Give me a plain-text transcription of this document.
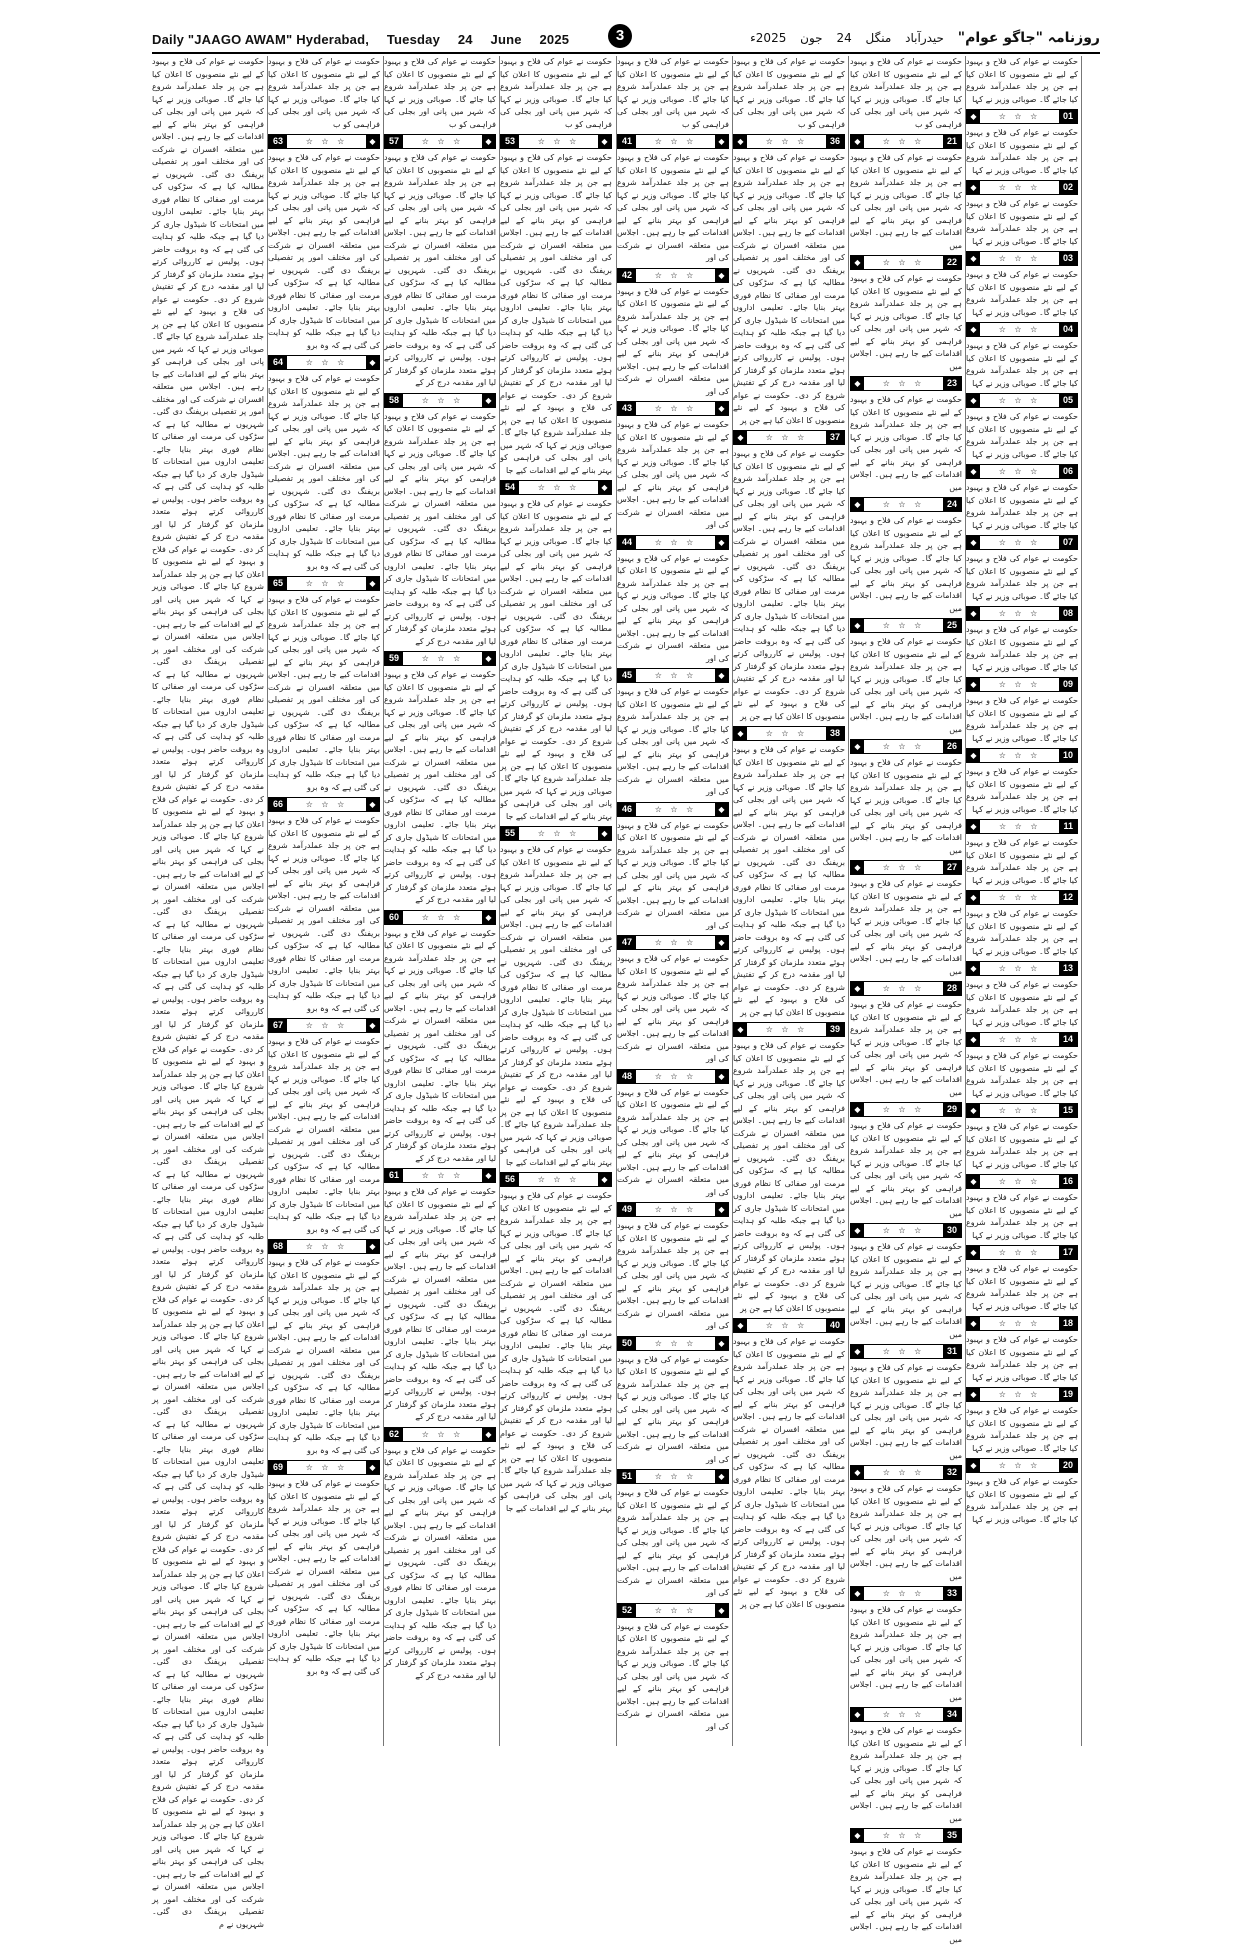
Daily "JAAGO AWAM" Hyderabad, Tuesday 24 June 2025	روزنامہ "جاگو عوام" حیدرآباد منگل 24 جون 2025ء
3
حکومت نے عوام کی فلاح و بہبود کے لیے نئے منصوبوں کا اعلان کیا ہے جن پر جلد عملدرآمد شروع کیا جائے گا۔ صوبائی وزیر نے کہا
01
☆ ☆ ☆
◆
حکومت نے عوام کی فلاح و بہبود کے لیے نئے منصوبوں کا اعلان کیا ہے جن پر جلد عملدرآمد شروع کیا جائے گا۔ صوبائی وزیر نے کہا
02
☆ ☆ ☆
◆
حکومت نے عوام کی فلاح و بہبود کے لیے نئے منصوبوں کا اعلان کیا ہے جن پر جلد عملدرآمد شروع کیا جائے گا۔ صوبائی وزیر نے کہا
03
☆ ☆ ☆
◆
حکومت نے عوام کی فلاح و بہبود کے لیے نئے منصوبوں کا اعلان کیا ہے جن پر جلد عملدرآمد شروع کیا جائے گا۔ صوبائی وزیر نے کہا
04
☆ ☆ ☆
◆
حکومت نے عوام کی فلاح و بہبود کے لیے نئے منصوبوں کا اعلان کیا ہے جن پر جلد عملدرآمد شروع کیا جائے گا۔ صوبائی وزیر نے کہا
05
☆ ☆ ☆
◆
حکومت نے عوام کی فلاح و بہبود کے لیے نئے منصوبوں کا اعلان کیا ہے جن پر جلد عملدرآمد شروع کیا جائے گا۔ صوبائی وزیر نے کہا
06
☆ ☆ ☆
◆
حکومت نے عوام کی فلاح و بہبود کے لیے نئے منصوبوں کا اعلان کیا ہے جن پر جلد عملدرآمد شروع کیا جائے گا۔ صوبائی وزیر نے کہا
07
☆ ☆ ☆
◆
حکومت نے عوام کی فلاح و بہبود کے لیے نئے منصوبوں کا اعلان کیا ہے جن پر جلد عملدرآمد شروع کیا جائے گا۔ صوبائی وزیر نے کہا
08
☆ ☆ ☆
◆
حکومت نے عوام کی فلاح و بہبود کے لیے نئے منصوبوں کا اعلان کیا ہے جن پر جلد عملدرآمد شروع کیا جائے گا۔ صوبائی وزیر نے کہا
09
☆ ☆ ☆
◆
حکومت نے عوام کی فلاح و بہبود کے لیے نئے منصوبوں کا اعلان کیا ہے جن پر جلد عملدرآمد شروع کیا جائے گا۔ صوبائی وزیر نے کہا
10
☆ ☆ ☆
◆
حکومت نے عوام کی فلاح و بہبود کے لیے نئے منصوبوں کا اعلان کیا ہے جن پر جلد عملدرآمد شروع کیا جائے گا۔ صوبائی وزیر نے کہا
11
☆ ☆ ☆
◆
حکومت نے عوام کی فلاح و بہبود کے لیے نئے منصوبوں کا اعلان کیا ہے جن پر جلد عملدرآمد شروع کیا جائے گا۔ صوبائی وزیر نے کہا
12
☆ ☆ ☆
◆
حکومت نے عوام کی فلاح و بہبود کے لیے نئے منصوبوں کا اعلان کیا ہے جن پر جلد عملدرآمد شروع کیا جائے گا۔ صوبائی وزیر نے کہا
13
☆ ☆ ☆
◆
حکومت نے عوام کی فلاح و بہبود کے لیے نئے منصوبوں کا اعلان کیا ہے جن پر جلد عملدرآمد شروع کیا جائے گا۔ صوبائی وزیر نے کہا
14
☆ ☆ ☆
◆
حکومت نے عوام کی فلاح و بہبود کے لیے نئے منصوبوں کا اعلان کیا ہے جن پر جلد عملدرآمد شروع کیا جائے گا۔ صوبائی وزیر نے کہا
15
☆ ☆ ☆
◆
حکومت نے عوام کی فلاح و بہبود کے لیے نئے منصوبوں کا اعلان کیا ہے جن پر جلد عملدرآمد شروع کیا جائے گا۔ صوبائی وزیر نے کہا
16
☆ ☆ ☆
◆
حکومت نے عوام کی فلاح و بہبود کے لیے نئے منصوبوں کا اعلان کیا ہے جن پر جلد عملدرآمد شروع کیا جائے گا۔ صوبائی وزیر نے کہا
17
☆ ☆ ☆
◆
حکومت نے عوام کی فلاح و بہبود کے لیے نئے منصوبوں کا اعلان کیا ہے جن پر جلد عملدرآمد شروع کیا جائے گا۔ صوبائی وزیر نے کہا
18
☆ ☆ ☆
◆
حکومت نے عوام کی فلاح و بہبود کے لیے نئے منصوبوں کا اعلان کیا ہے جن پر جلد عملدرآمد شروع کیا جائے گا۔ صوبائی وزیر نے کہا
19
☆ ☆ ☆
◆
حکومت نے عوام کی فلاح و بہبود کے لیے نئے منصوبوں کا اعلان کیا ہے جن پر جلد عملدرآمد شروع کیا جائے گا۔ صوبائی وزیر نے کہا
20
☆ ☆ ☆
◆
حکومت نے عوام کی فلاح و بہبود کے لیے نئے منصوبوں کا اعلان کیا ہے جن پر جلد عملدرآمد شروع کیا جائے گا۔ صوبائی وزیر نے کہا
حکومت نے عوام کی فلاح و بہبود کے لیے نئے منصوبوں کا اعلان کیا ہے جن پر جلد عملدرآمد شروع کیا جائے گا۔ صوبائی وزیر نے کہا کہ شہر میں پانی اور بجلی کی فراہمی کو ب
21
☆ ☆ ☆
◆
حکومت نے عوام کی فلاح و بہبود کے لیے نئے منصوبوں کا اعلان کیا ہے جن پر جلد عملدرآمد شروع کیا جائے گا۔ صوبائی وزیر نے کہا کہ شہر میں پانی اور بجلی کی فراہمی کو بہتر بنانے کے لیے اقدامات کیے جا رہے ہیں۔ اجلاس میں
22
☆ ☆ ☆
◆
حکومت نے عوام کی فلاح و بہبود کے لیے نئے منصوبوں کا اعلان کیا ہے جن پر جلد عملدرآمد شروع کیا جائے گا۔ صوبائی وزیر نے کہا کہ شہر میں پانی اور بجلی کی فراہمی کو بہتر بنانے کے لیے اقدامات کیے جا رہے ہیں۔ اجلاس میں
23
☆ ☆ ☆
◆
حکومت نے عوام کی فلاح و بہبود کے لیے نئے منصوبوں کا اعلان کیا ہے جن پر جلد عملدرآمد شروع کیا جائے گا۔ صوبائی وزیر نے کہا کہ شہر میں پانی اور بجلی کی فراہمی کو بہتر بنانے کے لیے اقدامات کیے جا رہے ہیں۔ اجلاس میں
24
☆ ☆ ☆
◆
حکومت نے عوام کی فلاح و بہبود کے لیے نئے منصوبوں کا اعلان کیا ہے جن پر جلد عملدرآمد شروع کیا جائے گا۔ صوبائی وزیر نے کہا کہ شہر میں پانی اور بجلی کی فراہمی کو بہتر بنانے کے لیے اقدامات کیے جا رہے ہیں۔ اجلاس میں
25
☆ ☆ ☆
◆
حکومت نے عوام کی فلاح و بہبود کے لیے نئے منصوبوں کا اعلان کیا ہے جن پر جلد عملدرآمد شروع کیا جائے گا۔ صوبائی وزیر نے کہا کہ شہر میں پانی اور بجلی کی فراہمی کو بہتر بنانے کے لیے اقدامات کیے جا رہے ہیں۔ اجلاس میں
26
☆ ☆ ☆
◆
حکومت نے عوام کی فلاح و بہبود کے لیے نئے منصوبوں کا اعلان کیا ہے جن پر جلد عملدرآمد شروع کیا جائے گا۔ صوبائی وزیر نے کہا کہ شہر میں پانی اور بجلی کی فراہمی کو بہتر بنانے کے لیے اقدامات کیے جا رہے ہیں۔ اجلاس میں
27
☆ ☆ ☆
◆
حکومت نے عوام کی فلاح و بہبود کے لیے نئے منصوبوں کا اعلان کیا ہے جن پر جلد عملدرآمد شروع کیا جائے گا۔ صوبائی وزیر نے کہا کہ شہر میں پانی اور بجلی کی فراہمی کو بہتر بنانے کے لیے اقدامات کیے جا رہے ہیں۔ اجلاس میں
28
☆ ☆ ☆
◆
حکومت نے عوام کی فلاح و بہبود کے لیے نئے منصوبوں کا اعلان کیا ہے جن پر جلد عملدرآمد شروع کیا جائے گا۔ صوبائی وزیر نے کہا کہ شہر میں پانی اور بجلی کی فراہمی کو بہتر بنانے کے لیے اقدامات کیے جا رہے ہیں۔ اجلاس میں
29
☆ ☆ ☆
◆
حکومت نے عوام کی فلاح و بہبود کے لیے نئے منصوبوں کا اعلان کیا ہے جن پر جلد عملدرآمد شروع کیا جائے گا۔ صوبائی وزیر نے کہا کہ شہر میں پانی اور بجلی کی فراہمی کو بہتر بنانے کے لیے اقدامات کیے جا رہے ہیں۔ اجلاس میں
30
☆ ☆ ☆
◆
حکومت نے عوام کی فلاح و بہبود کے لیے نئے منصوبوں کا اعلان کیا ہے جن پر جلد عملدرآمد شروع کیا جائے گا۔ صوبائی وزیر نے کہا کہ شہر میں پانی اور بجلی کی فراہمی کو بہتر بنانے کے لیے اقدامات کیے جا رہے ہیں۔ اجلاس میں
31
☆ ☆ ☆
◆
حکومت نے عوام کی فلاح و بہبود کے لیے نئے منصوبوں کا اعلان کیا ہے جن پر جلد عملدرآمد شروع کیا جائے گا۔ صوبائی وزیر نے کہا کہ شہر میں پانی اور بجلی کی فراہمی کو بہتر بنانے کے لیے اقدامات کیے جا رہے ہیں۔ اجلاس میں
32
☆ ☆ ☆
◆
حکومت نے عوام کی فلاح و بہبود کے لیے نئے منصوبوں کا اعلان کیا ہے جن پر جلد عملدرآمد شروع کیا جائے گا۔ صوبائی وزیر نے کہا کہ شہر میں پانی اور بجلی کی فراہمی کو بہتر بنانے کے لیے اقدامات کیے جا رہے ہیں۔ اجلاس میں
33
☆ ☆ ☆
◆
حکومت نے عوام کی فلاح و بہبود کے لیے نئے منصوبوں کا اعلان کیا ہے جن پر جلد عملدرآمد شروع کیا جائے گا۔ صوبائی وزیر نے کہا کہ شہر میں پانی اور بجلی کی فراہمی کو بہتر بنانے کے لیے اقدامات کیے جا رہے ہیں۔ اجلاس میں
34
☆ ☆ ☆
◆
حکومت نے عوام کی فلاح و بہبود کے لیے نئے منصوبوں کا اعلان کیا ہے جن پر جلد عملدرآمد شروع کیا جائے گا۔ صوبائی وزیر نے کہا کہ شہر میں پانی اور بجلی کی فراہمی کو بہتر بنانے کے لیے اقدامات کیے جا رہے ہیں۔ اجلاس میں
35
☆ ☆ ☆
◆
حکومت نے عوام کی فلاح و بہبود کے لیے نئے منصوبوں کا اعلان کیا ہے جن پر جلد عملدرآمد شروع کیا جائے گا۔ صوبائی وزیر نے کہا کہ شہر میں پانی اور بجلی کی فراہمی کو بہتر بنانے کے لیے اقدامات کیے جا رہے ہیں۔ اجلاس میں
حکومت نے عوام کی فلاح و بہبود کے لیے نئے منصوبوں کا اعلان کیا ہے جن پر جلد عملدرآمد شروع کیا جائے گا۔ صوبائی وزیر نے کہا کہ شہر میں پانی اور بجلی کی فراہمی کو ب
36
☆ ☆ ☆
◆
حکومت نے عوام کی فلاح و بہبود کے لیے نئے منصوبوں کا اعلان کیا ہے جن پر جلد عملدرآمد شروع کیا جائے گا۔ صوبائی وزیر نے کہا کہ شہر میں پانی اور بجلی کی فراہمی کو بہتر بنانے کے لیے اقدامات کیے جا رہے ہیں۔ اجلاس میں متعلقہ افسران نے شرکت کی اور مختلف امور پر تفصیلی بریفنگ دی گئی۔ شہریوں نے مطالبہ کیا ہے کہ سڑکوں کی مرمت اور صفائی کا نظام فوری بہتر بنایا جائے۔ تعلیمی اداروں میں امتحانات کا شیڈول جاری کر دیا گیا ہے جبکہ طلبہ کو ہدایت کی گئی ہے کہ وہ بروقت حاضر ہوں۔ پولیس نے کارروائی کرتے ہوئے متعدد ملزمان کو گرفتار کر لیا اور مقدمہ درج کر کے تفتیش شروع کر دی۔ حکومت نے عوام کی فلاح و بہبود کے لیے نئے منصوبوں کا اعلان کیا ہے جن پر
37
☆ ☆ ☆
◆
حکومت نے عوام کی فلاح و بہبود کے لیے نئے منصوبوں کا اعلان کیا ہے جن پر جلد عملدرآمد شروع کیا جائے گا۔ صوبائی وزیر نے کہا کہ شہر میں پانی اور بجلی کی فراہمی کو بہتر بنانے کے لیے اقدامات کیے جا رہے ہیں۔ اجلاس میں متعلقہ افسران نے شرکت کی اور مختلف امور پر تفصیلی بریفنگ دی گئی۔ شہریوں نے مطالبہ کیا ہے کہ سڑکوں کی مرمت اور صفائی کا نظام فوری بہتر بنایا جائے۔ تعلیمی اداروں میں امتحانات کا شیڈول جاری کر دیا گیا ہے جبکہ طلبہ کو ہدایت کی گئی ہے کہ وہ بروقت حاضر ہوں۔ پولیس نے کارروائی کرتے ہوئے متعدد ملزمان کو گرفتار کر لیا اور مقدمہ درج کر کے تفتیش شروع کر دی۔ حکومت نے عوام کی فلاح و بہبود کے لیے نئے منصوبوں کا اعلان کیا ہے جن پر
38
☆ ☆ ☆
◆
حکومت نے عوام کی فلاح و بہبود کے لیے نئے منصوبوں کا اعلان کیا ہے جن پر جلد عملدرآمد شروع کیا جائے گا۔ صوبائی وزیر نے کہا کہ شہر میں پانی اور بجلی کی فراہمی کو بہتر بنانے کے لیے اقدامات کیے جا رہے ہیں۔ اجلاس میں متعلقہ افسران نے شرکت کی اور مختلف امور پر تفصیلی بریفنگ دی گئی۔ شہریوں نے مطالبہ کیا ہے کہ سڑکوں کی مرمت اور صفائی کا نظام فوری بہتر بنایا جائے۔ تعلیمی اداروں میں امتحانات کا شیڈول جاری کر دیا گیا ہے جبکہ طلبہ کو ہدایت کی گئی ہے کہ وہ بروقت حاضر ہوں۔ پولیس نے کارروائی کرتے ہوئے متعدد ملزمان کو گرفتار کر لیا اور مقدمہ درج کر کے تفتیش شروع کر دی۔ حکومت نے عوام کی فلاح و بہبود کے لیے نئے منصوبوں کا اعلان کیا ہے جن پر
39
☆ ☆ ☆
◆
حکومت نے عوام کی فلاح و بہبود کے لیے نئے منصوبوں کا اعلان کیا ہے جن پر جلد عملدرآمد شروع کیا جائے گا۔ صوبائی وزیر نے کہا کہ شہر میں پانی اور بجلی کی فراہمی کو بہتر بنانے کے لیے اقدامات کیے جا رہے ہیں۔ اجلاس میں متعلقہ افسران نے شرکت کی اور مختلف امور پر تفصیلی بریفنگ دی گئی۔ شہریوں نے مطالبہ کیا ہے کہ سڑکوں کی مرمت اور صفائی کا نظام فوری بہتر بنایا جائے۔ تعلیمی اداروں میں امتحانات کا شیڈول جاری کر دیا گیا ہے جبکہ طلبہ کو ہدایت کی گئی ہے کہ وہ بروقت حاضر ہوں۔ پولیس نے کارروائی کرتے ہوئے متعدد ملزمان کو گرفتار کر لیا اور مقدمہ درج کر کے تفتیش شروع کر دی۔ حکومت نے عوام کی فلاح و بہبود کے لیے نئے منصوبوں کا اعلان کیا ہے جن پر
40
☆ ☆ ☆
◆
حکومت نے عوام کی فلاح و بہبود کے لیے نئے منصوبوں کا اعلان کیا ہے جن پر جلد عملدرآمد شروع کیا جائے گا۔ صوبائی وزیر نے کہا کہ شہر میں پانی اور بجلی کی فراہمی کو بہتر بنانے کے لیے اقدامات کیے جا رہے ہیں۔ اجلاس میں متعلقہ افسران نے شرکت کی اور مختلف امور پر تفصیلی بریفنگ دی گئی۔ شہریوں نے مطالبہ کیا ہے کہ سڑکوں کی مرمت اور صفائی کا نظام فوری بہتر بنایا جائے۔ تعلیمی اداروں میں امتحانات کا شیڈول جاری کر دیا گیا ہے جبکہ طلبہ کو ہدایت کی گئی ہے کہ وہ بروقت حاضر ہوں۔ پولیس نے کارروائی کرتے ہوئے متعدد ملزمان کو گرفتار کر لیا اور مقدمہ درج کر کے تفتیش شروع کر دی۔ حکومت نے عوام کی فلاح و بہبود کے لیے نئے منصوبوں کا اعلان کیا ہے جن پر
حکومت نے عوام کی فلاح و بہبود کے لیے نئے منصوبوں کا اعلان کیا ہے جن پر جلد عملدرآمد شروع کیا جائے گا۔ صوبائی وزیر نے کہا کہ شہر میں پانی اور بجلی کی فراہمی کو ب
41	☆ ☆ ☆	◆
حکومت نے عوام کی فلاح و بہبود کے لیے نئے منصوبوں کا اعلان کیا ہے جن پر جلد عملدرآمد شروع کیا جائے گا۔ صوبائی وزیر نے کہا کہ شہر میں پانی اور بجلی کی فراہمی کو بہتر بنانے کے لیے اقدامات کیے جا رہے ہیں۔ اجلاس میں متعلقہ افسران نے شرکت کی اور
42	☆ ☆ ☆	◆
حکومت نے عوام کی فلاح و بہبود کے لیے نئے منصوبوں کا اعلان کیا ہے جن پر جلد عملدرآمد شروع کیا جائے گا۔ صوبائی وزیر نے کہا کہ شہر میں پانی اور بجلی کی فراہمی کو بہتر بنانے کے لیے اقدامات کیے جا رہے ہیں۔ اجلاس میں متعلقہ افسران نے شرکت کی اور
43	☆ ☆ ☆	◆
حکومت نے عوام کی فلاح و بہبود کے لیے نئے منصوبوں کا اعلان کیا ہے جن پر جلد عملدرآمد شروع کیا جائے گا۔ صوبائی وزیر نے کہا کہ شہر میں پانی اور بجلی کی فراہمی کو بہتر بنانے کے لیے اقدامات کیے جا رہے ہیں۔ اجلاس میں متعلقہ افسران نے شرکت کی اور
44	☆ ☆ ☆	◆
حکومت نے عوام کی فلاح و بہبود کے لیے نئے منصوبوں کا اعلان کیا ہے جن پر جلد عملدرآمد شروع کیا جائے گا۔ صوبائی وزیر نے کہا کہ شہر میں پانی اور بجلی کی فراہمی کو بہتر بنانے کے لیے اقدامات کیے جا رہے ہیں۔ اجلاس میں متعلقہ افسران نے شرکت کی اور
45	☆ ☆ ☆	◆
حکومت نے عوام کی فلاح و بہبود کے لیے نئے منصوبوں کا اعلان کیا ہے جن پر جلد عملدرآمد شروع کیا جائے گا۔ صوبائی وزیر نے کہا کہ شہر میں پانی اور بجلی کی فراہمی کو بہتر بنانے کے لیے اقدامات کیے جا رہے ہیں۔ اجلاس میں متعلقہ افسران نے شرکت کی اور
46	☆ ☆ ☆	◆
حکومت نے عوام کی فلاح و بہبود کے لیے نئے منصوبوں کا اعلان کیا ہے جن پر جلد عملدرآمد شروع کیا جائے گا۔ صوبائی وزیر نے کہا کہ شہر میں پانی اور بجلی کی فراہمی کو بہتر بنانے کے لیے اقدامات کیے جا رہے ہیں۔ اجلاس میں متعلقہ افسران نے شرکت کی اور
47	☆ ☆ ☆	◆
حکومت نے عوام کی فلاح و بہبود کے لیے نئے منصوبوں کا اعلان کیا ہے جن پر جلد عملدرآمد شروع کیا جائے گا۔ صوبائی وزیر نے کہا کہ شہر میں پانی اور بجلی کی فراہمی کو بہتر بنانے کے لیے اقدامات کیے جا رہے ہیں۔ اجلاس میں متعلقہ افسران نے شرکت کی اور
48	☆ ☆ ☆	◆
حکومت نے عوام کی فلاح و بہبود کے لیے نئے منصوبوں کا اعلان کیا ہے جن پر جلد عملدرآمد شروع کیا جائے گا۔ صوبائی وزیر نے کہا کہ شہر میں پانی اور بجلی کی فراہمی کو بہتر بنانے کے لیے اقدامات کیے جا رہے ہیں۔ اجلاس میں متعلقہ افسران نے شرکت کی اور
49	☆ ☆ ☆	◆
حکومت نے عوام کی فلاح و بہبود کے لیے نئے منصوبوں کا اعلان کیا ہے جن پر جلد عملدرآمد شروع کیا جائے گا۔ صوبائی وزیر نے کہا کہ شہر میں پانی اور بجلی کی فراہمی کو بہتر بنانے کے لیے اقدامات کیے جا رہے ہیں۔ اجلاس میں متعلقہ افسران نے شرکت کی اور
50	☆ ☆ ☆	◆
حکومت نے عوام کی فلاح و بہبود کے لیے نئے منصوبوں کا اعلان کیا ہے جن پر جلد عملدرآمد شروع کیا جائے گا۔ صوبائی وزیر نے کہا کہ شہر میں پانی اور بجلی کی فراہمی کو بہتر بنانے کے لیے اقدامات کیے جا رہے ہیں۔ اجلاس میں متعلقہ افسران نے شرکت کی اور
51	☆ ☆ ☆	◆
حکومت نے عوام کی فلاح و بہبود کے لیے نئے منصوبوں کا اعلان کیا ہے جن پر جلد عملدرآمد شروع کیا جائے گا۔ صوبائی وزیر نے کہا کہ شہر میں پانی اور بجلی کی فراہمی کو بہتر بنانے کے لیے اقدامات کیے جا رہے ہیں۔ اجلاس میں متعلقہ افسران نے شرکت کی اور
52	☆ ☆ ☆	◆
حکومت نے عوام کی فلاح و بہبود کے لیے نئے منصوبوں کا اعلان کیا ہے جن پر جلد عملدرآمد شروع کیا جائے گا۔ صوبائی وزیر نے کہا کہ شہر میں پانی اور بجلی کی فراہمی کو بہتر بنانے کے لیے اقدامات کیے جا رہے ہیں۔ اجلاس میں متعلقہ افسران نے شرکت کی اور
حکومت نے عوام کی فلاح و بہبود کے لیے نئے منصوبوں کا اعلان کیا ہے جن پر جلد عملدرآمد شروع کیا جائے گا۔ صوبائی وزیر نے کہا کہ شہر میں پانی اور بجلی کی فراہمی کو ب
53	☆ ☆ ☆	◆
حکومت نے عوام کی فلاح و بہبود کے لیے نئے منصوبوں کا اعلان کیا ہے جن پر جلد عملدرآمد شروع کیا جائے گا۔ صوبائی وزیر نے کہا کہ شہر میں پانی اور بجلی کی فراہمی کو بہتر بنانے کے لیے اقدامات کیے جا رہے ہیں۔ اجلاس میں متعلقہ افسران نے شرکت کی اور مختلف امور پر تفصیلی بریفنگ دی گئی۔ شہریوں نے مطالبہ کیا ہے کہ سڑکوں کی مرمت اور صفائی کا نظام فوری بہتر بنایا جائے۔ تعلیمی اداروں میں امتحانات کا شیڈول جاری کر دیا گیا ہے جبکہ طلبہ کو ہدایت کی گئی ہے کہ وہ بروقت حاضر ہوں۔ پولیس نے کارروائی کرتے ہوئے متعدد ملزمان کو گرفتار کر لیا اور مقدمہ درج کر کے تفتیش شروع کر دی۔ حکومت نے عوام کی فلاح و بہبود کے لیے نئے منصوبوں کا اعلان کیا ہے جن پر جلد عملدرآمد شروع کیا جائے گا۔ صوبائی وزیر نے کہا کہ شہر میں پانی اور بجلی کی فراہمی کو بہتر بنانے کے لیے اقدامات کیے جا
54	☆ ☆ ☆	◆
حکومت نے عوام کی فلاح و بہبود کے لیے نئے منصوبوں کا اعلان کیا ہے جن پر جلد عملدرآمد شروع کیا جائے گا۔ صوبائی وزیر نے کہا کہ شہر میں پانی اور بجلی کی فراہمی کو بہتر بنانے کے لیے اقدامات کیے جا رہے ہیں۔ اجلاس میں متعلقہ افسران نے شرکت کی اور مختلف امور پر تفصیلی بریفنگ دی گئی۔ شہریوں نے مطالبہ کیا ہے کہ سڑکوں کی مرمت اور صفائی کا نظام فوری بہتر بنایا جائے۔ تعلیمی اداروں میں امتحانات کا شیڈول جاری کر دیا گیا ہے جبکہ طلبہ کو ہدایت کی گئی ہے کہ وہ بروقت حاضر ہوں۔ پولیس نے کارروائی کرتے ہوئے متعدد ملزمان کو گرفتار کر لیا اور مقدمہ درج کر کے تفتیش شروع کر دی۔ حکومت نے عوام کی فلاح و بہبود کے لیے نئے منصوبوں کا اعلان کیا ہے جن پر جلد عملدرآمد شروع کیا جائے گا۔ صوبائی وزیر نے کہا کہ شہر میں پانی اور بجلی کی فراہمی کو بہتر بنانے کے لیے اقدامات کیے جا
55	☆ ☆ ☆	◆
حکومت نے عوام کی فلاح و بہبود کے لیے نئے منصوبوں کا اعلان کیا ہے جن پر جلد عملدرآمد شروع کیا جائے گا۔ صوبائی وزیر نے کہا کہ شہر میں پانی اور بجلی کی فراہمی کو بہتر بنانے کے لیے اقدامات کیے جا رہے ہیں۔ اجلاس میں متعلقہ افسران نے شرکت کی اور مختلف امور پر تفصیلی بریفنگ دی گئی۔ شہریوں نے مطالبہ کیا ہے کہ سڑکوں کی مرمت اور صفائی کا نظام فوری بہتر بنایا جائے۔ تعلیمی اداروں میں امتحانات کا شیڈول جاری کر دیا گیا ہے جبکہ طلبہ کو ہدایت کی گئی ہے کہ وہ بروقت حاضر ہوں۔ پولیس نے کارروائی کرتے ہوئے متعدد ملزمان کو گرفتار کر لیا اور مقدمہ درج کر کے تفتیش شروع کر دی۔ حکومت نے عوام کی فلاح و بہبود کے لیے نئے منصوبوں کا اعلان کیا ہے جن پر جلد عملدرآمد شروع کیا جائے گا۔ صوبائی وزیر نے کہا کہ شہر میں پانی اور بجلی کی فراہمی کو بہتر بنانے کے لیے اقدامات کیے جا
56	☆ ☆ ☆	◆
حکومت نے عوام کی فلاح و بہبود کے لیے نئے منصوبوں کا اعلان کیا ہے جن پر جلد عملدرآمد شروع کیا جائے گا۔ صوبائی وزیر نے کہا کہ شہر میں پانی اور بجلی کی فراہمی کو بہتر بنانے کے لیے اقدامات کیے جا رہے ہیں۔ اجلاس میں متعلقہ افسران نے شرکت کی اور مختلف امور پر تفصیلی بریفنگ دی گئی۔ شہریوں نے مطالبہ کیا ہے کہ سڑکوں کی مرمت اور صفائی کا نظام فوری بہتر بنایا جائے۔ تعلیمی اداروں میں امتحانات کا شیڈول جاری کر دیا گیا ہے جبکہ طلبہ کو ہدایت کی گئی ہے کہ وہ بروقت حاضر ہوں۔ پولیس نے کارروائی کرتے ہوئے متعدد ملزمان کو گرفتار کر لیا اور مقدمہ درج کر کے تفتیش شروع کر دی۔ حکومت نے عوام کی فلاح و بہبود کے لیے نئے منصوبوں کا اعلان کیا ہے جن پر جلد عملدرآمد شروع کیا جائے گا۔ صوبائی وزیر نے کہا کہ شہر میں پانی اور بجلی کی فراہمی کو بہتر بنانے کے لیے اقدامات کیے جا
حکومت نے عوام کی فلاح و بہبود کے لیے نئے منصوبوں کا اعلان کیا ہے جن پر جلد عملدرآمد شروع کیا جائے گا۔ صوبائی وزیر نے کہا کہ شہر میں پانی اور بجلی کی فراہمی کو ب
57	☆ ☆ ☆	◆
حکومت نے عوام کی فلاح و بہبود کے لیے نئے منصوبوں کا اعلان کیا ہے جن پر جلد عملدرآمد شروع کیا جائے گا۔ صوبائی وزیر نے کہا کہ شہر میں پانی اور بجلی کی فراہمی کو بہتر بنانے کے لیے اقدامات کیے جا رہے ہیں۔ اجلاس میں متعلقہ افسران نے شرکت کی اور مختلف امور پر تفصیلی بریفنگ دی گئی۔ شہریوں نے مطالبہ کیا ہے کہ سڑکوں کی مرمت اور صفائی کا نظام فوری بہتر بنایا جائے۔ تعلیمی اداروں میں امتحانات کا شیڈول جاری کر دیا گیا ہے جبکہ طلبہ کو ہدایت کی گئی ہے کہ وہ بروقت حاضر ہوں۔ پولیس نے کارروائی کرتے ہوئے متعدد ملزمان کو گرفتار کر لیا اور مقدمہ درج کر کے
58	☆ ☆ ☆	◆
حکومت نے عوام کی فلاح و بہبود کے لیے نئے منصوبوں کا اعلان کیا ہے جن پر جلد عملدرآمد شروع کیا جائے گا۔ صوبائی وزیر نے کہا کہ شہر میں پانی اور بجلی کی فراہمی کو بہتر بنانے کے لیے اقدامات کیے جا رہے ہیں۔ اجلاس میں متعلقہ افسران نے شرکت کی اور مختلف امور پر تفصیلی بریفنگ دی گئی۔ شہریوں نے مطالبہ کیا ہے کہ سڑکوں کی مرمت اور صفائی کا نظام فوری بہتر بنایا جائے۔ تعلیمی اداروں میں امتحانات کا شیڈول جاری کر دیا گیا ہے جبکہ طلبہ کو ہدایت کی گئی ہے کہ وہ بروقت حاضر ہوں۔ پولیس نے کارروائی کرتے ہوئے متعدد ملزمان کو گرفتار کر لیا اور مقدمہ درج کر کے
59	☆ ☆ ☆	◆
حکومت نے عوام کی فلاح و بہبود کے لیے نئے منصوبوں کا اعلان کیا ہے جن پر جلد عملدرآمد شروع کیا جائے گا۔ صوبائی وزیر نے کہا کہ شہر میں پانی اور بجلی کی فراہمی کو بہتر بنانے کے لیے اقدامات کیے جا رہے ہیں۔ اجلاس میں متعلقہ افسران نے شرکت کی اور مختلف امور پر تفصیلی بریفنگ دی گئی۔ شہریوں نے مطالبہ کیا ہے کہ سڑکوں کی مرمت اور صفائی کا نظام فوری بہتر بنایا جائے۔ تعلیمی اداروں میں امتحانات کا شیڈول جاری کر دیا گیا ہے جبکہ طلبہ کو ہدایت کی گئی ہے کہ وہ بروقت حاضر ہوں۔ پولیس نے کارروائی کرتے ہوئے متعدد ملزمان کو گرفتار کر لیا اور مقدمہ درج کر کے
60	☆ ☆ ☆	◆
حکومت نے عوام کی فلاح و بہبود کے لیے نئے منصوبوں کا اعلان کیا ہے جن پر جلد عملدرآمد شروع کیا جائے گا۔ صوبائی وزیر نے کہا کہ شہر میں پانی اور بجلی کی فراہمی کو بہتر بنانے کے لیے اقدامات کیے جا رہے ہیں۔ اجلاس میں متعلقہ افسران نے شرکت کی اور مختلف امور پر تفصیلی بریفنگ دی گئی۔ شہریوں نے مطالبہ کیا ہے کہ سڑکوں کی مرمت اور صفائی کا نظام فوری بہتر بنایا جائے۔ تعلیمی اداروں میں امتحانات کا شیڈول جاری کر دیا گیا ہے جبکہ طلبہ کو ہدایت کی گئی ہے کہ وہ بروقت حاضر ہوں۔ پولیس نے کارروائی کرتے ہوئے متعدد ملزمان کو گرفتار کر لیا اور مقدمہ درج کر کے
61	☆ ☆ ☆	◆
حکومت نے عوام کی فلاح و بہبود کے لیے نئے منصوبوں کا اعلان کیا ہے جن پر جلد عملدرآمد شروع کیا جائے گا۔ صوبائی وزیر نے کہا کہ شہر میں پانی اور بجلی کی فراہمی کو بہتر بنانے کے لیے اقدامات کیے جا رہے ہیں۔ اجلاس میں متعلقہ افسران نے شرکت کی اور مختلف امور پر تفصیلی بریفنگ دی گئی۔ شہریوں نے مطالبہ کیا ہے کہ سڑکوں کی مرمت اور صفائی کا نظام فوری بہتر بنایا جائے۔ تعلیمی اداروں میں امتحانات کا شیڈول جاری کر دیا گیا ہے جبکہ طلبہ کو ہدایت کی گئی ہے کہ وہ بروقت حاضر ہوں۔ پولیس نے کارروائی کرتے ہوئے متعدد ملزمان کو گرفتار کر لیا اور مقدمہ درج کر کے
62	☆ ☆ ☆	◆
حکومت نے عوام کی فلاح و بہبود کے لیے نئے منصوبوں کا اعلان کیا ہے جن پر جلد عملدرآمد شروع کیا جائے گا۔ صوبائی وزیر نے کہا کہ شہر میں پانی اور بجلی کی فراہمی کو بہتر بنانے کے لیے اقدامات کیے جا رہے ہیں۔ اجلاس میں متعلقہ افسران نے شرکت کی اور مختلف امور پر تفصیلی بریفنگ دی گئی۔ شہریوں نے مطالبہ کیا ہے کہ سڑکوں کی مرمت اور صفائی کا نظام فوری بہتر بنایا جائے۔ تعلیمی اداروں میں امتحانات کا شیڈول جاری کر دیا گیا ہے جبکہ طلبہ کو ہدایت کی گئی ہے کہ وہ بروقت حاضر ہوں۔ پولیس نے کارروائی کرتے ہوئے متعدد ملزمان کو گرفتار کر لیا اور مقدمہ درج کر کے
حکومت نے عوام کی فلاح و بہبود کے لیے نئے منصوبوں کا اعلان کیا ہے جن پر جلد عملدرآمد شروع کیا جائے گا۔ صوبائی وزیر نے کہا کہ شہر میں پانی اور بجلی کی فراہمی کو ب
63	☆ ☆ ☆	◆
حکومت نے عوام کی فلاح و بہبود کے لیے نئے منصوبوں کا اعلان کیا ہے جن پر جلد عملدرآمد شروع کیا جائے گا۔ صوبائی وزیر نے کہا کہ شہر میں پانی اور بجلی کی فراہمی کو بہتر بنانے کے لیے اقدامات کیے جا رہے ہیں۔ اجلاس میں متعلقہ افسران نے شرکت کی اور مختلف امور پر تفصیلی بریفنگ دی گئی۔ شہریوں نے مطالبہ کیا ہے کہ سڑکوں کی مرمت اور صفائی کا نظام فوری بہتر بنایا جائے۔ تعلیمی اداروں میں امتحانات کا شیڈول جاری کر دیا گیا ہے جبکہ طلبہ کو ہدایت کی گئی ہے کہ وہ برو
64	☆ ☆ ☆	◆
حکومت نے عوام کی فلاح و بہبود کے لیے نئے منصوبوں کا اعلان کیا ہے جن پر جلد عملدرآمد شروع کیا جائے گا۔ صوبائی وزیر نے کہا کہ شہر میں پانی اور بجلی کی فراہمی کو بہتر بنانے کے لیے اقدامات کیے جا رہے ہیں۔ اجلاس میں متعلقہ افسران نے شرکت کی اور مختلف امور پر تفصیلی بریفنگ دی گئی۔ شہریوں نے مطالبہ کیا ہے کہ سڑکوں کی مرمت اور صفائی کا نظام فوری بہتر بنایا جائے۔ تعلیمی اداروں میں امتحانات کا شیڈول جاری کر دیا گیا ہے جبکہ طلبہ کو ہدایت کی گئی ہے کہ وہ برو
65	☆ ☆ ☆	◆
حکومت نے عوام کی فلاح و بہبود کے لیے نئے منصوبوں کا اعلان کیا ہے جن پر جلد عملدرآمد شروع کیا جائے گا۔ صوبائی وزیر نے کہا کہ شہر میں پانی اور بجلی کی فراہمی کو بہتر بنانے کے لیے اقدامات کیے جا رہے ہیں۔ اجلاس میں متعلقہ افسران نے شرکت کی اور مختلف امور پر تفصیلی بریفنگ دی گئی۔ شہریوں نے مطالبہ کیا ہے کہ سڑکوں کی مرمت اور صفائی کا نظام فوری بہتر بنایا جائے۔ تعلیمی اداروں میں امتحانات کا شیڈول جاری کر دیا گیا ہے جبکہ طلبہ کو ہدایت کی گئی ہے کہ وہ برو
66	☆ ☆ ☆	◆
حکومت نے عوام کی فلاح و بہبود کے لیے نئے منصوبوں کا اعلان کیا ہے جن پر جلد عملدرآمد شروع کیا جائے گا۔ صوبائی وزیر نے کہا کہ شہر میں پانی اور بجلی کی فراہمی کو بہتر بنانے کے لیے اقدامات کیے جا رہے ہیں۔ اجلاس میں متعلقہ افسران نے شرکت کی اور مختلف امور پر تفصیلی بریفنگ دی گئی۔ شہریوں نے مطالبہ کیا ہے کہ سڑکوں کی مرمت اور صفائی کا نظام فوری بہتر بنایا جائے۔ تعلیمی اداروں میں امتحانات کا شیڈول جاری کر دیا گیا ہے جبکہ طلبہ کو ہدایت کی گئی ہے کہ وہ برو
67	☆ ☆ ☆	◆
حکومت نے عوام کی فلاح و بہبود کے لیے نئے منصوبوں کا اعلان کیا ہے جن پر جلد عملدرآمد شروع کیا جائے گا۔ صوبائی وزیر نے کہا کہ شہر میں پانی اور بجلی کی فراہمی کو بہتر بنانے کے لیے اقدامات کیے جا رہے ہیں۔ اجلاس میں متعلقہ افسران نے شرکت کی اور مختلف امور پر تفصیلی بریفنگ دی گئی۔ شہریوں نے مطالبہ کیا ہے کہ سڑکوں کی مرمت اور صفائی کا نظام فوری بہتر بنایا جائے۔ تعلیمی اداروں میں امتحانات کا شیڈول جاری کر دیا گیا ہے جبکہ طلبہ کو ہدایت کی گئی ہے کہ وہ برو
68	☆ ☆ ☆	◆
حکومت نے عوام کی فلاح و بہبود کے لیے نئے منصوبوں کا اعلان کیا ہے جن پر جلد عملدرآمد شروع کیا جائے گا۔ صوبائی وزیر نے کہا کہ شہر میں پانی اور بجلی کی فراہمی کو بہتر بنانے کے لیے اقدامات کیے جا رہے ہیں۔ اجلاس میں متعلقہ افسران نے شرکت کی اور مختلف امور پر تفصیلی بریفنگ دی گئی۔ شہریوں نے مطالبہ کیا ہے کہ سڑکوں کی مرمت اور صفائی کا نظام فوری بہتر بنایا جائے۔ تعلیمی اداروں میں امتحانات کا شیڈول جاری کر دیا گیا ہے جبکہ طلبہ کو ہدایت کی گئی ہے کہ وہ برو
69	☆ ☆ ☆	◆
حکومت نے عوام کی فلاح و بہبود کے لیے نئے منصوبوں کا اعلان کیا ہے جن پر جلد عملدرآمد شروع کیا جائے گا۔ صوبائی وزیر نے کہا کہ شہر میں پانی اور بجلی کی فراہمی کو بہتر بنانے کے لیے اقدامات کیے جا رہے ہیں۔ اجلاس میں متعلقہ افسران نے شرکت کی اور مختلف امور پر تفصیلی بریفنگ دی گئی۔ شہریوں نے مطالبہ کیا ہے کہ سڑکوں کی مرمت اور صفائی کا نظام فوری بہتر بنایا جائے۔ تعلیمی اداروں میں امتحانات کا شیڈول جاری کر دیا گیا ہے جبکہ طلبہ کو ہدایت کی گئی ہے کہ وہ برو
حکومت نے عوام کی فلاح و بہبود کے لیے نئے منصوبوں کا اعلان کیا ہے جن پر جلد عملدرآمد شروع کیا جائے گا۔ صوبائی وزیر نے کہا کہ شہر میں پانی اور بجلی کی فراہمی کو بہتر بنانے کے لیے اقدامات کیے جا رہے ہیں۔ اجلاس میں متعلقہ افسران نے شرکت کی اور مختلف امور پر تفصیلی بریفنگ دی گئی۔ شہریوں نے مطالبہ کیا ہے کہ سڑکوں کی مرمت اور صفائی کا نظام فوری بہتر بنایا جائے۔ تعلیمی اداروں میں امتحانات کا شیڈول جاری کر دیا گیا ہے جبکہ طلبہ کو ہدایت کی گئی ہے کہ وہ بروقت حاضر ہوں۔ پولیس نے کارروائی کرتے ہوئے متعدد ملزمان کو گرفتار کر لیا اور مقدمہ درج کر کے تفتیش شروع کر دی۔ حکومت نے عوام کی فلاح و بہبود کے لیے نئے منصوبوں کا اعلان کیا ہے جن پر جلد عملدرآمد شروع کیا جائے گا۔ صوبائی وزیر نے کہا کہ شہر میں پانی اور بجلی کی فراہمی کو بہتر بنانے کے لیے اقدامات کیے جا رہے ہیں۔ اجلاس میں متعلقہ افسران نے شرکت کی اور مختلف امور پر تفصیلی بریفنگ دی گئی۔ شہریوں نے مطالبہ کیا ہے کہ سڑکوں کی مرمت اور صفائی کا نظام فوری بہتر بنایا جائے۔ تعلیمی اداروں میں امتحانات کا شیڈول جاری کر دیا گیا ہے جبکہ طلبہ کو ہدایت کی گئی ہے کہ وہ بروقت حاضر ہوں۔ پولیس نے کارروائی کرتے ہوئے متعدد ملزمان کو گرفتار کر لیا اور مقدمہ درج کر کے تفتیش شروع کر دی۔ حکومت نے عوام کی فلاح و بہبود کے لیے نئے منصوبوں کا اعلان کیا ہے جن پر جلد عملدرآمد شروع کیا جائے گا۔ صوبائی وزیر نے کہا کہ شہر میں پانی اور بجلی کی فراہمی کو بہتر بنانے کے لیے اقدامات کیے جا رہے ہیں۔ اجلاس میں متعلقہ افسران نے شرکت کی اور مختلف امور پر تفصیلی بریفنگ دی گئی۔ شہریوں نے مطالبہ کیا ہے کہ سڑکوں کی مرمت اور صفائی کا نظام فوری بہتر بنایا جائے۔ تعلیمی اداروں میں امتحانات کا شیڈول جاری کر دیا گیا ہے جبکہ طلبہ کو ہدایت کی گئی ہے کہ وہ بروقت حاضر ہوں۔ پولیس نے کارروائی کرتے ہوئے متعدد ملزمان کو گرفتار کر لیا اور مقدمہ درج کر کے تفتیش شروع کر دی۔ حکومت نے عوام کی فلاح و بہبود کے لیے نئے منصوبوں کا اعلان کیا ہے جن پر جلد عملدرآمد شروع کیا جائے گا۔ صوبائی وزیر نے کہا کہ شہر میں پانی اور بجلی کی فراہمی کو بہتر بنانے کے لیے اقدامات کیے جا رہے ہیں۔ اجلاس میں متعلقہ افسران نے شرکت کی اور مختلف امور پر تفصیلی بریفنگ دی گئی۔ شہریوں نے مطالبہ کیا ہے کہ سڑکوں کی مرمت اور صفائی کا نظام فوری بہتر بنایا جائے۔ تعلیمی اداروں میں امتحانات کا شیڈول جاری کر دیا گیا ہے جبکہ طلبہ کو ہدایت کی گئی ہے کہ وہ بروقت حاضر ہوں۔ پولیس نے کارروائی کرتے ہوئے متعدد ملزمان کو گرفتار کر لیا اور مقدمہ درج کر کے تفتیش شروع کر دی۔ حکومت نے عوام کی فلاح و بہبود کے لیے نئے منصوبوں کا اعلان کیا ہے جن پر جلد عملدرآمد شروع کیا جائے گا۔ صوبائی وزیر نے کہا کہ شہر میں پانی اور بجلی کی فراہمی کو بہتر بنانے کے لیے اقدامات کیے جا رہے ہیں۔ اجلاس میں متعلقہ افسران نے شرکت کی اور مختلف امور پر تفصیلی بریفنگ دی گئی۔ شہریوں نے مطالبہ کیا ہے کہ سڑکوں کی مرمت اور صفائی کا نظام فوری بہتر بنایا جائے۔ تعلیمی اداروں میں امتحانات کا شیڈول جاری کر دیا گیا ہے جبکہ طلبہ کو ہدایت کی گئی ہے کہ وہ بروقت حاضر ہوں۔ پولیس نے کارروائی کرتے ہوئے متعدد ملزمان کو گرفتار کر لیا اور مقدمہ درج کر کے تفتیش شروع کر دی۔ حکومت نے عوام کی فلاح و بہبود کے لیے نئے منصوبوں کا اعلان کیا ہے جن پر جلد عملدرآمد شروع کیا جائے گا۔ صوبائی وزیر نے کہا کہ شہر میں پانی اور بجلی کی فراہمی کو بہتر بنانے کے لیے اقدامات کیے جا رہے ہیں۔ اجلاس میں متعلقہ افسران نے شرکت کی اور مختلف امور پر تفصیلی بریفنگ دی گئی۔ شہریوں نے مطالبہ کیا ہے کہ سڑکوں کی مرمت اور صفائی کا نظام فوری بہتر بنایا جائے۔ تعلیمی اداروں میں امتحانات کا شیڈول جاری کر دیا گیا ہے جبکہ طلبہ کو ہدایت کی گئی ہے کہ وہ بروقت حاضر ہوں۔ پولیس نے کارروائی کرتے ہوئے متعدد ملزمان کو گرفتار کر لیا اور مقدمہ درج کر کے تفتیش شروع کر دی۔ حکومت نے عوام کی فلاح و بہبود کے لیے نئے منصوبوں کا اعلان کیا ہے جن پر جلد عملدرآمد شروع کیا جائے گا۔ صوبائی وزیر نے کہا کہ شہر میں پانی اور بجلی کی فراہمی کو بہتر بنانے کے لیے اقدامات کیے جا رہے ہیں۔ اجلاس میں متعلقہ افسران نے شرکت کی اور مختلف امور پر تفصیلی بریفنگ دی گئی۔ شہریوں نے مطالبہ کیا ہے کہ سڑکوں کی مرمت اور صفائی کا نظام فوری بہتر بنایا جائے۔ تعلیمی اداروں میں امتحانات کا شیڈول جاری کر دیا گیا ہے جبکہ طلبہ کو ہدایت کی گئی ہے کہ وہ بروقت حاضر ہوں۔ پولیس نے کارروائی کرتے ہوئے متعدد ملزمان کو گرفتار کر لیا اور مقدمہ درج کر کے تفتیش شروع کر دی۔ حکومت نے عوام کی فلاح و بہبود کے لیے نئے منصوبوں کا اعلان کیا ہے جن پر جلد عملدرآمد شروع کیا جائے گا۔ صوبائی وزیر نے کہا کہ شہر میں پانی اور بجلی کی فراہمی کو بہتر بنانے کے لیے اقدامات کیے جا رہے ہیں۔ اجلاس میں متعلقہ افسران نے شرکت کی اور مختلف امور پر تفصیلی بریفنگ دی گئی۔ شہریوں نے م
